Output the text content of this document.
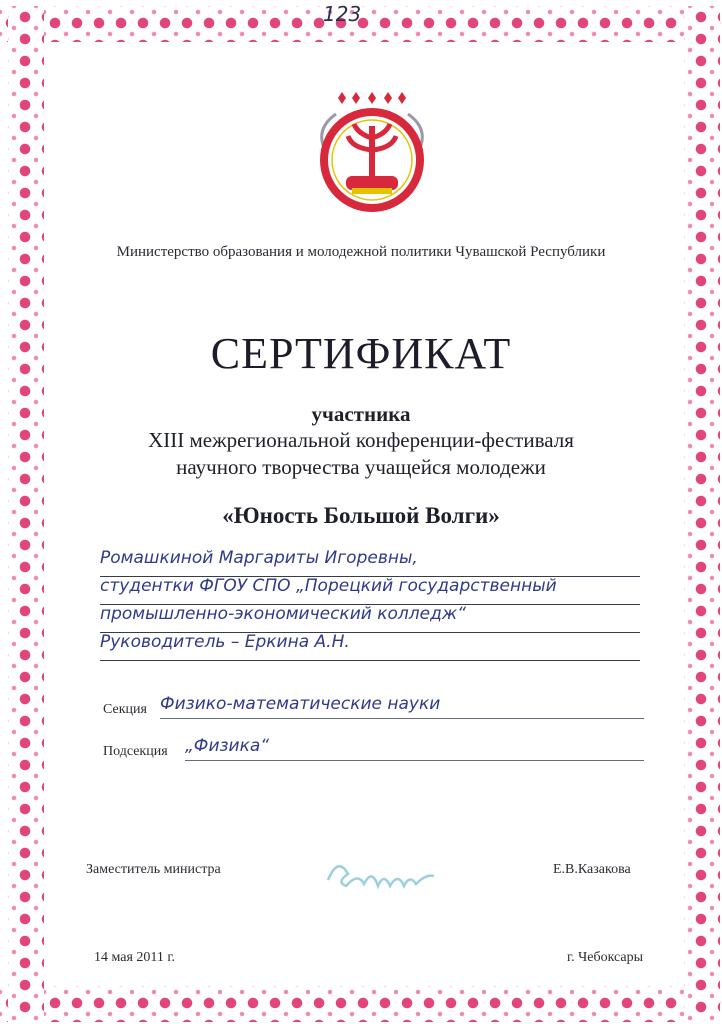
123
Министерство образования и молодежной политики Чувашской Республики
СЕРТИФИКАТ
участника
XIII межрегиональной конференции-фестиваля
научного творчества учащейся молодежи
«Юность Большой Волги»
Ромашкиной Маргариты Игоревны,
студентки ФГОУ СПО „Порецкий государственный
промышленно-экономический колледж“
Руководитель – Еркина А.Н.
Секция Физико-математические науки
Подсекция „Физика“
Заместитель министра	Е.В.Казакова
14 мая 2011 г.	г. Чебоксары
